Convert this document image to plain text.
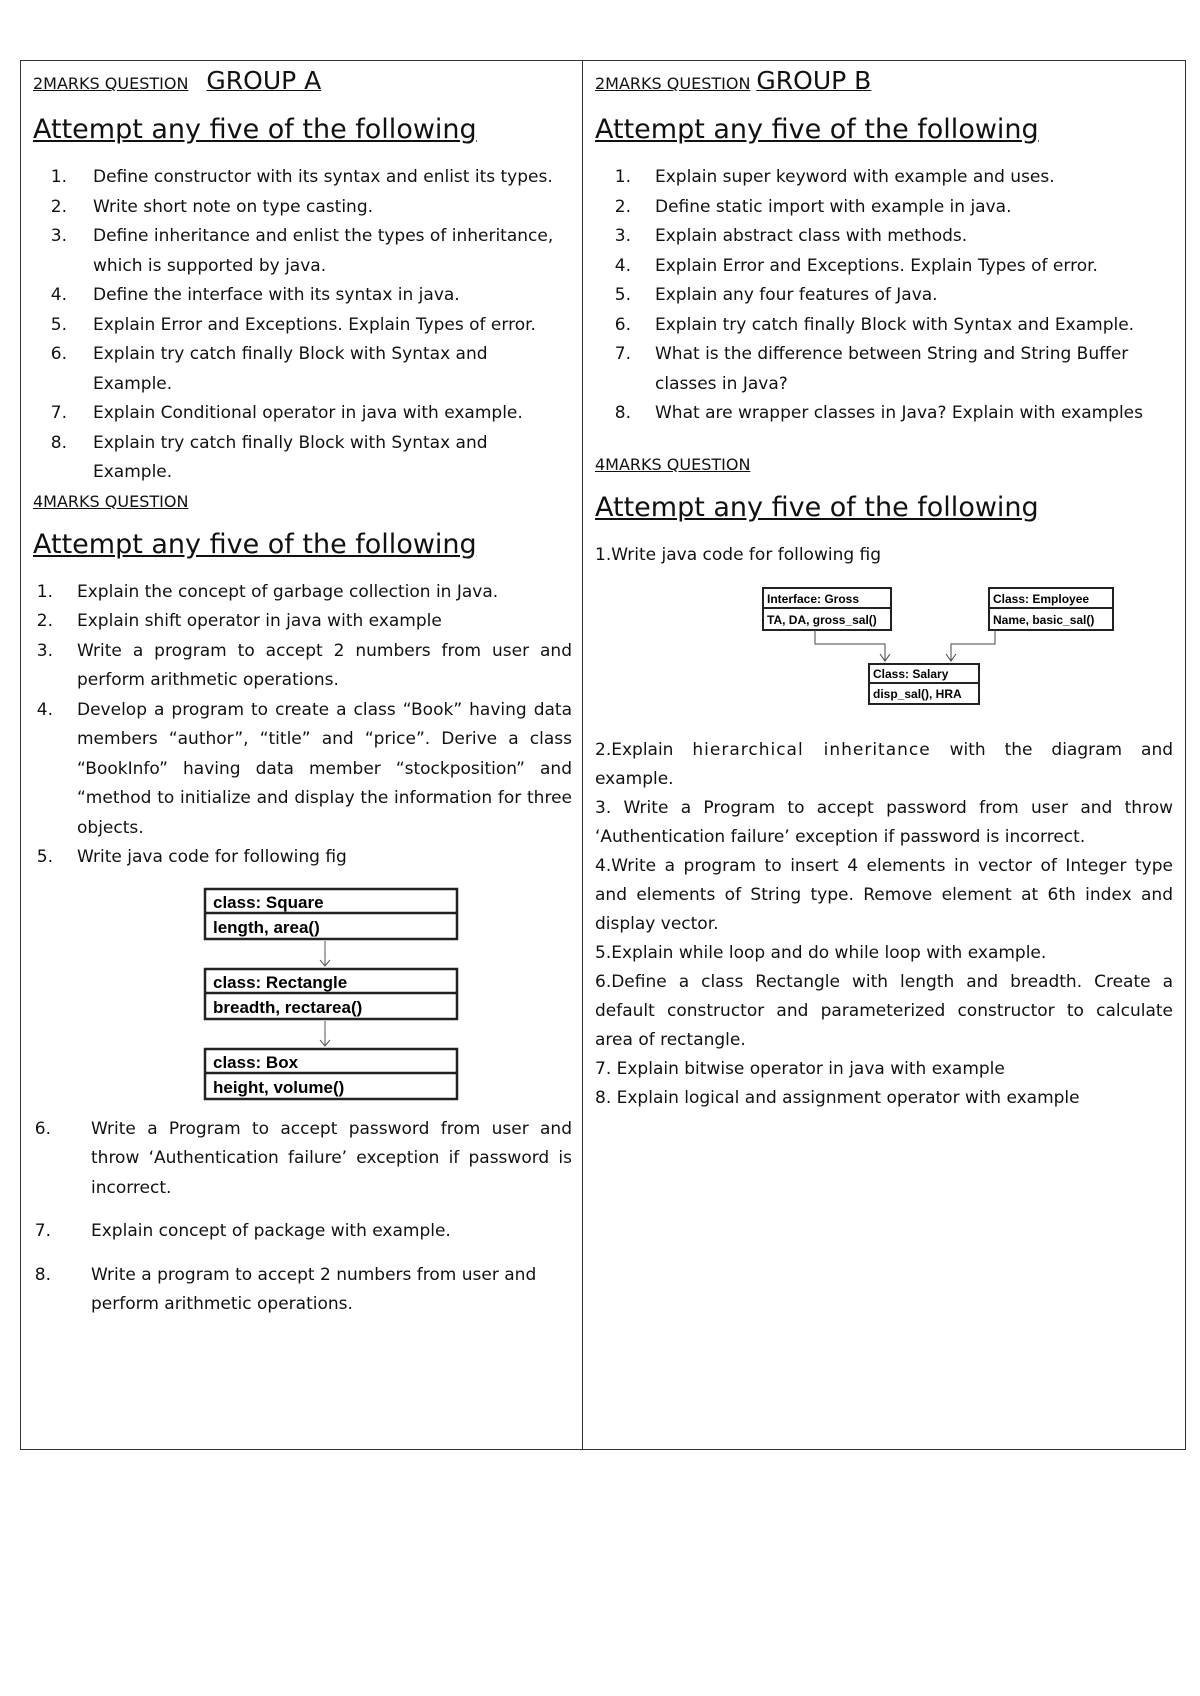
2MARKS QUESTION GROUP A
Attempt any five of the following
1.	Define constructor with its syntax and enlist its types.
2.	Write short note on type casting.
3.	Define inheritance and enlist the types of inheritance, which is supported by java.
4.	Define the interface with its syntax in java.
5.	Explain Error and Exceptions. Explain Types of error.
6.	Explain try catch finally Block with Syntax and Example.
7.	Explain Conditional operator in java with example.
8.	Explain try catch finally Block with Syntax and Example.
4MARKS QUESTION
Attempt any five of the following
1.	Explain the concept of garbage collection in Java.
2.	Explain shift operator in java with example
3.	Write a program to accept 2 numbers from user and perform arithmetic operations.
4.	Develop a program to create a class “Book” having data members “author”, “title” and “price”. Derive a class “BookInfo” having data member “stockposition” and “method to initialize and display the information for three objects.
5.	Write java code for following fig
class: Square
length, area()
class: Rectangle
breadth, rectarea()
class: Box
height, volume()
6.	Write a Program to accept password from user and throw ‘Authentication failure’ exception if password is incorrect.
7.	Explain concept of package with example.
8.	Write a program to accept 2 numbers from user and perform arithmetic operations.
2MARKS QUESTION GROUP B
Attempt any five of the following
1.	Explain super keyword with example and uses.
2.	Define static import with example in java.
3.	Explain abstract class with methods.
4.	Explain Error and Exceptions. Explain Types of error.
5.	Explain any four features of Java.
6.	Explain try catch finally Block with Syntax and Example.
7.	What is the difference between String and String Buffer classes in Java?
8.	What are wrapper classes in Java? Explain with examples
4MARKS QUESTION
Attempt any five of the following
1.Write java code for following fig
Interface: Gross
TA, DA, gross_sal()
Class: Employee
Name, basic_sal()
Class: Salary
disp_sal(), HRA
2.Explain hierarchical inheritance with the diagram and example.
3. Write a Program to accept password from user and throw ‘Authentication failure’ exception if password is incorrect.
4.Write a program to insert 4 elements in vector of Integer type and elements of String type. Remove element at 6th index and display vector.
5.Explain while loop and do while loop with example.
6.Define a class Rectangle with length and breadth. Create a default constructor and parameterized constructor to calculate area of rectangle.
7. Explain bitwise operator in java with example
8. Explain logical and assignment operator with example
